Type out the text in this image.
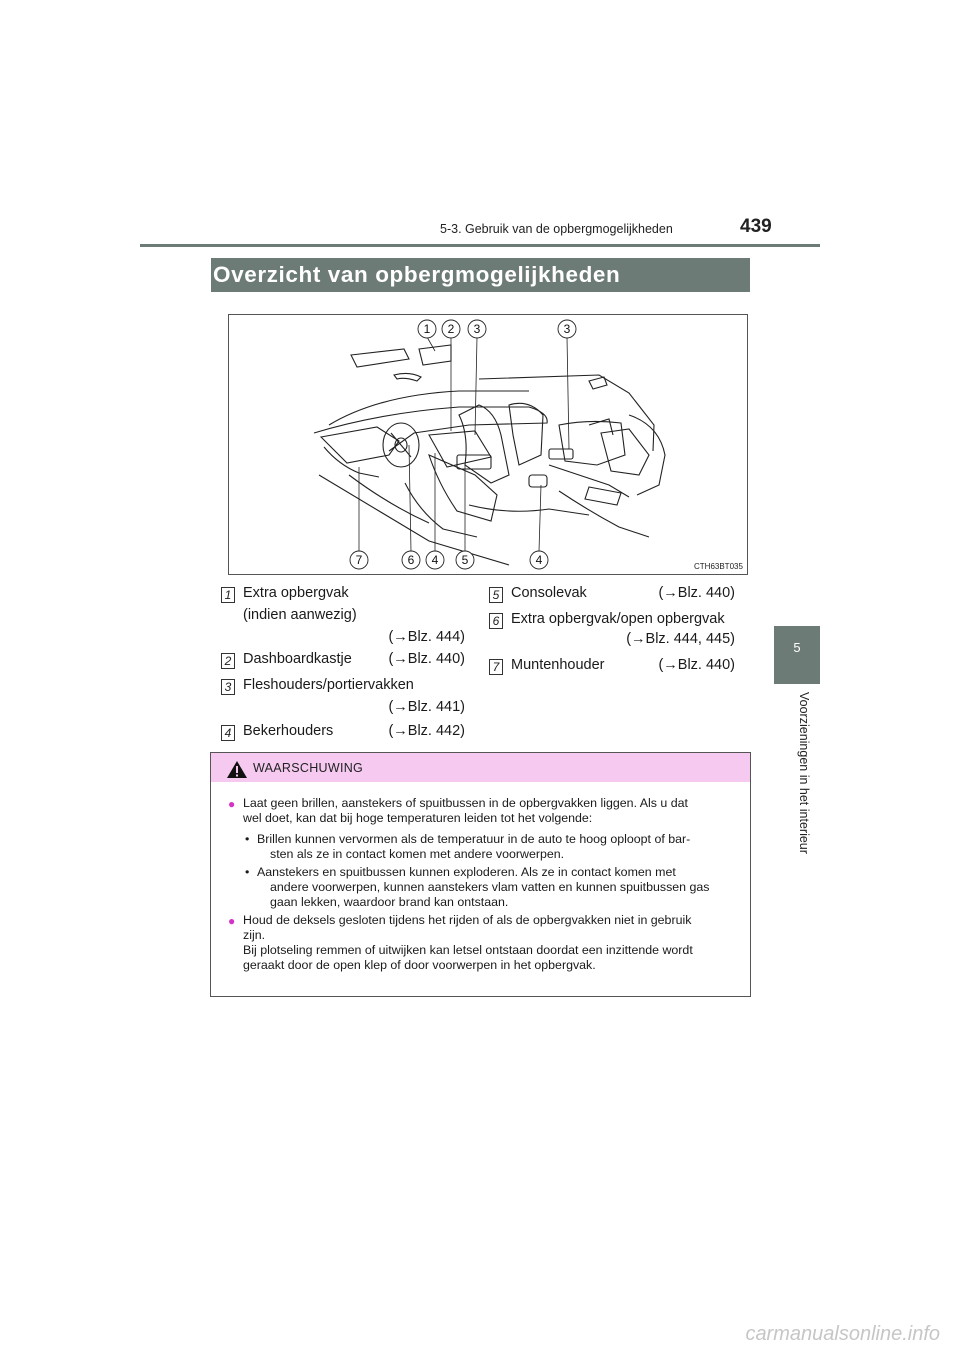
5-3. Gebruik van de opbergmogelijkheden	439
5
Voorzieningen in het interieur
Overzicht van opbergmogelijkheden
1 2 3	3
7	6 4 5	4	CTH63BT035
1 Extra opbergvak
(indien aanwezig)
(→Blz. 444)
2 Dashboardkastje	(→Blz. 440)
3 Fleshouders/portiervakken
(→Blz. 441)
4 Bekerhouders	(→Blz. 442)
5 Consolevak	(→Blz. 440)
6 Extra opbergvak/open opbergvak
(→Blz. 444, 445)
7 Muntenhouder	(→Blz. 440)
WAARSCHUWING
● Laat geen brillen, aanstekers of spuitbussen in de opbergvakken liggen. Als u dat
wel doet, kan dat bij hoge temperaturen leiden tot het volgende:
• Brillen kunnen vervormen als de temperatuur in de auto te hoog oploopt of bar-
sten als ze in contact komen met andere voorwerpen.
• Aanstekers en spuitbussen kunnen exploderen. Als ze in contact komen met
andere voorwerpen, kunnen aanstekers vlam vatten en kunnen spuitbussen gas
gaan lekken, waardoor brand kan ontstaan.
● Houd de deksels gesloten tijdens het rijden of als de opbergvakken niet in gebruik
zijn.
Bij plotseling remmen of uitwijken kan letsel ontstaan doordat een inzittende wordt
geraakt door de open klep of door voorwerpen in het opbergvak.
carmanualsonline.info
